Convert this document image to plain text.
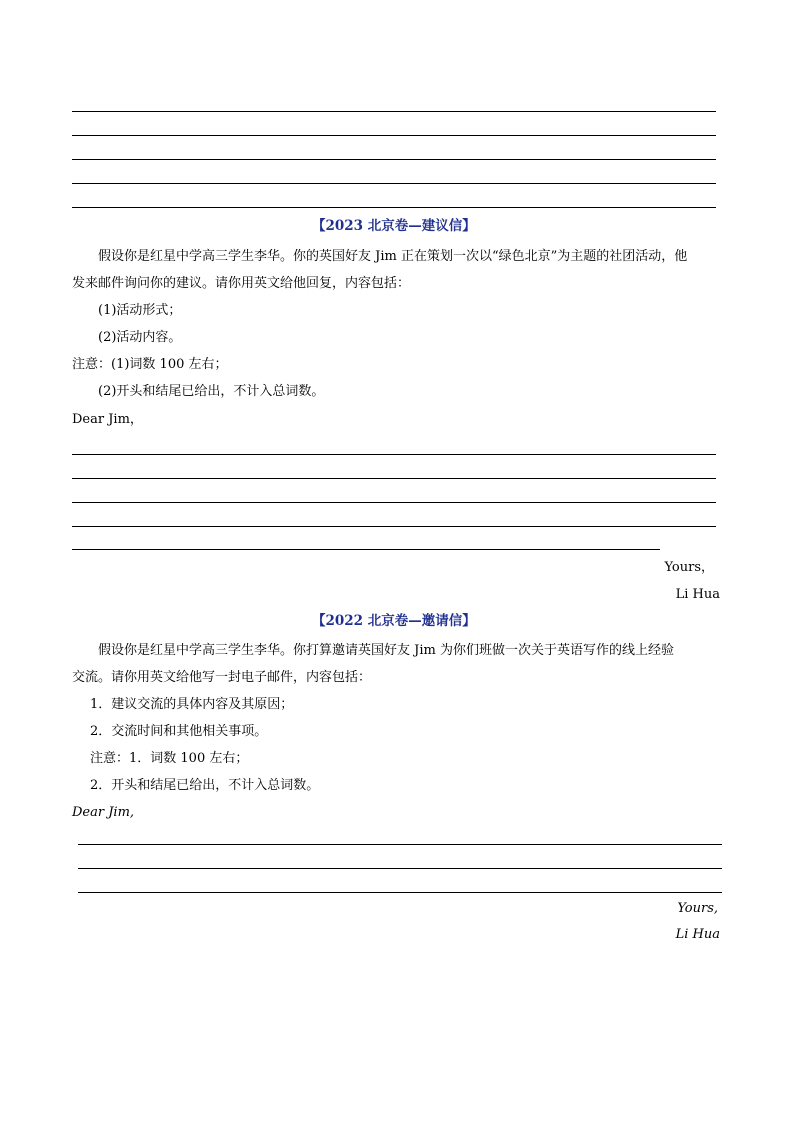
【2023 北京卷—建议信】
假设你是红星中学高三学生李华。你的英国好友 Jim 正在策划一次以“绿色北京”为主题的社团活动，他
发来邮件询问你的建议。请你用英文给他回复，内容包括：
(1)活动形式；
(2)活动内容。
注意：(1)词数 100 左右；
(2)开头和结尾已给出，不计入总词数。
Dear Jim，
Yours，
Li Hua
【2022 北京卷—邀请信】
假设你是红星中学高三学生李华。你打算邀请英国好友 Jim 为你们班做一次关于英语写作的线上经验
交流。请你用英文给他写一封电子邮件，内容包括：
1．建议交流的具体内容及其原因；
2．交流时间和其他相关事项。
注意：1．词数 100 左右；
2．开头和结尾已给出，不计入总词数。
Dear Jim,
Yours,
Li Hua
